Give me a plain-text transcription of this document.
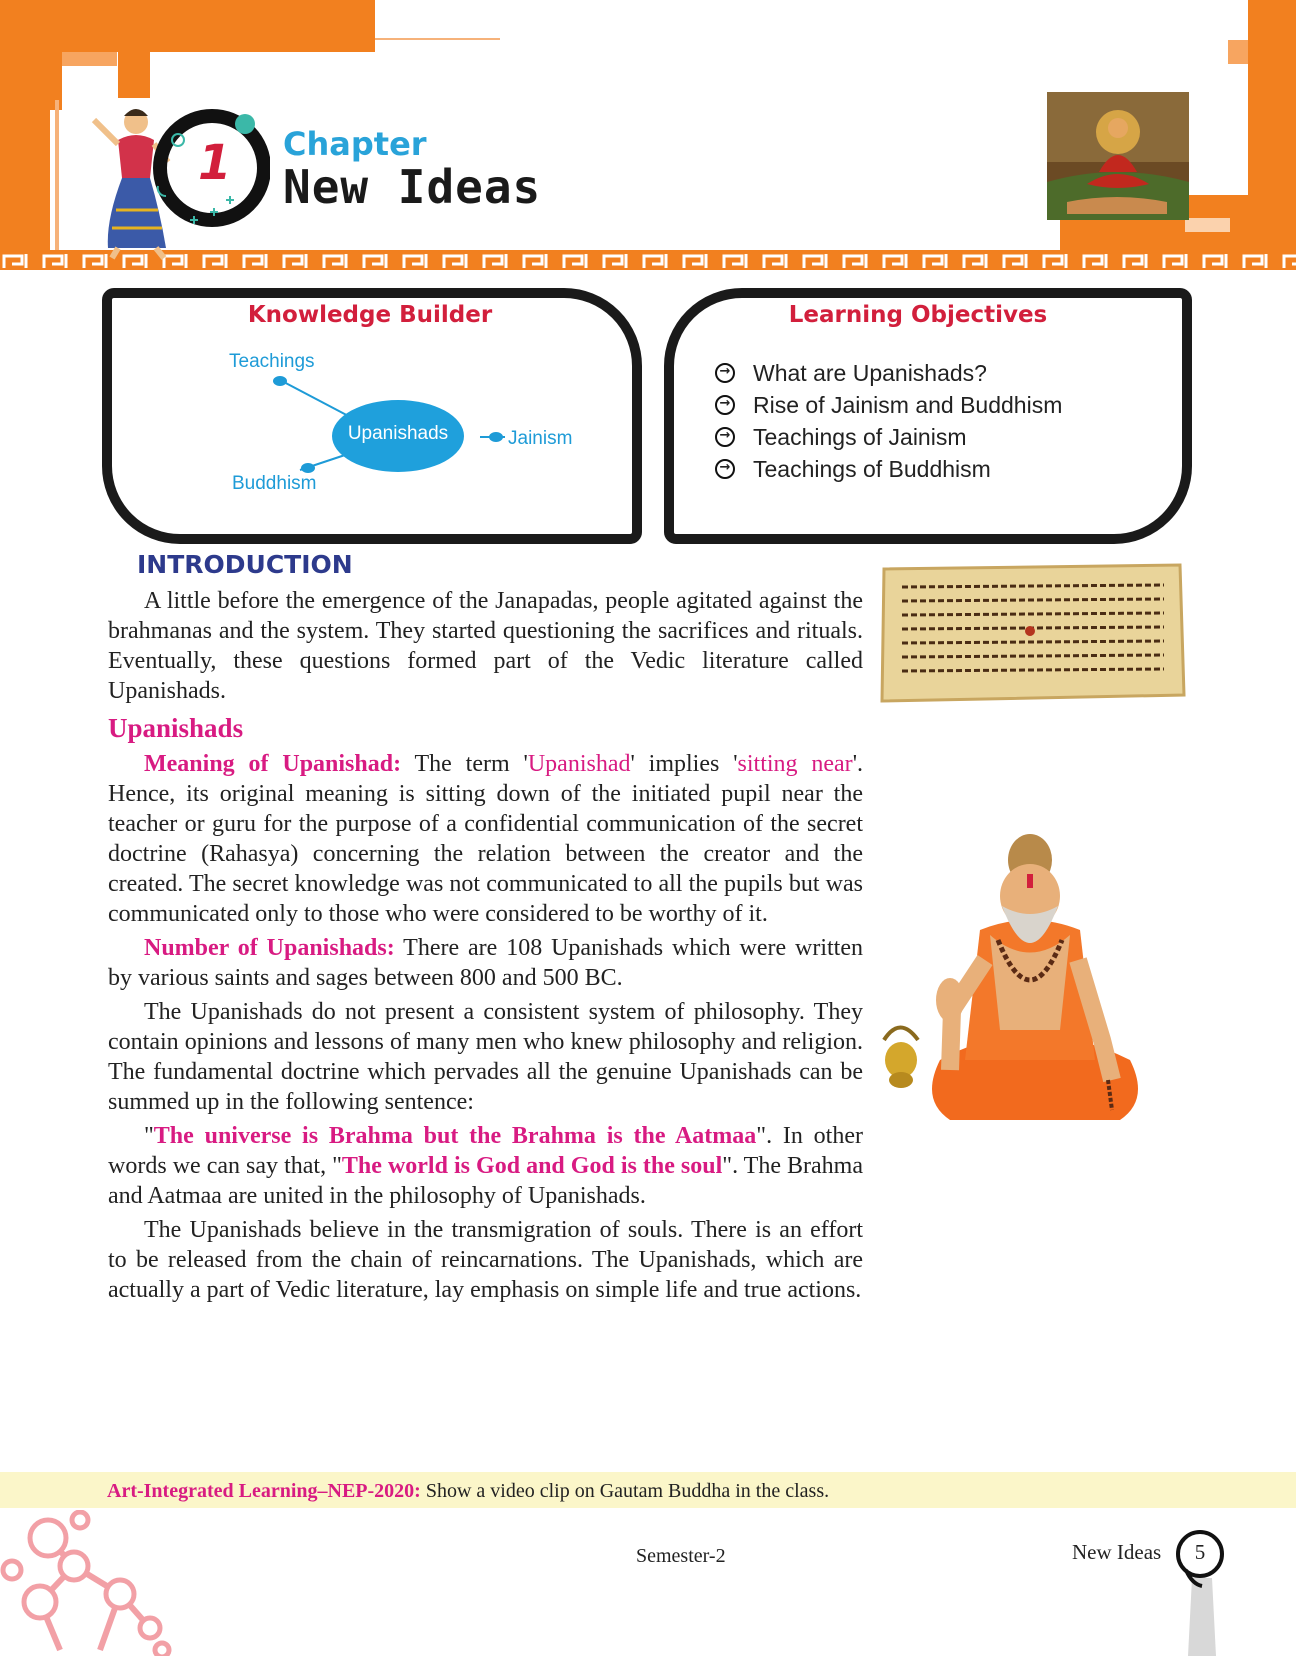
1 Chapter
New Ideas
Knowledge Builder
Upanishads
Teachings
Jainism
Buddhism
Learning Objectives
→ What are Upanishads?
→ Rise of Jainism and Buddhism
→ Teachings of Jainism
→ Teachings of Buddhism
INTRODUCTION

A little before the emergence of the Janapadas, people agitated against the brahmanas and the system. They started questioning the sacrifices and rituals. Eventually, these questions formed part of the Vedic literature called Upanishads.

Upanishads

Meaning of Upanishad: The term 'Upanishad' implies 'sitting near'. Hence, its original meaning is sitting down of the initiated pupil near the teacher or guru for the purpose of a confidential communication of the secret doctrine (Rahasya) concerning the relation between the creator and the created. The secret knowledge was not communicated to all the pupils but was communicated only to those who were considered to be worthy of it.

Number of Upanishads: There are 108 Upanishads which were written by various saints and sages between 800 and 500 BC.

The Upanishads do not present a consistent system of philosophy. They contain opinions and lessons of many men who knew philosophy and religion. The fundamental doctrine which pervades all the genuine Upanishads can be summed up in the following sentence:

"The universe is Brahma but the Brahma is the Aatmaa". In other words we can say that, "The world is God and God is the soul". The Brahma and Aatmaa are united in the philosophy of Upanishads.

The Upanishads believe in the transmigration of souls. There is an effort to be released from the chain of reincarnations. The Upanishads, which are actually a part of Vedic literature, lay emphasis on simple life and true actions.

Art-Integrated Learning–NEP-2020: Show a video clip on Gautam Buddha in the class.
Semester-2	New Ideas	5
